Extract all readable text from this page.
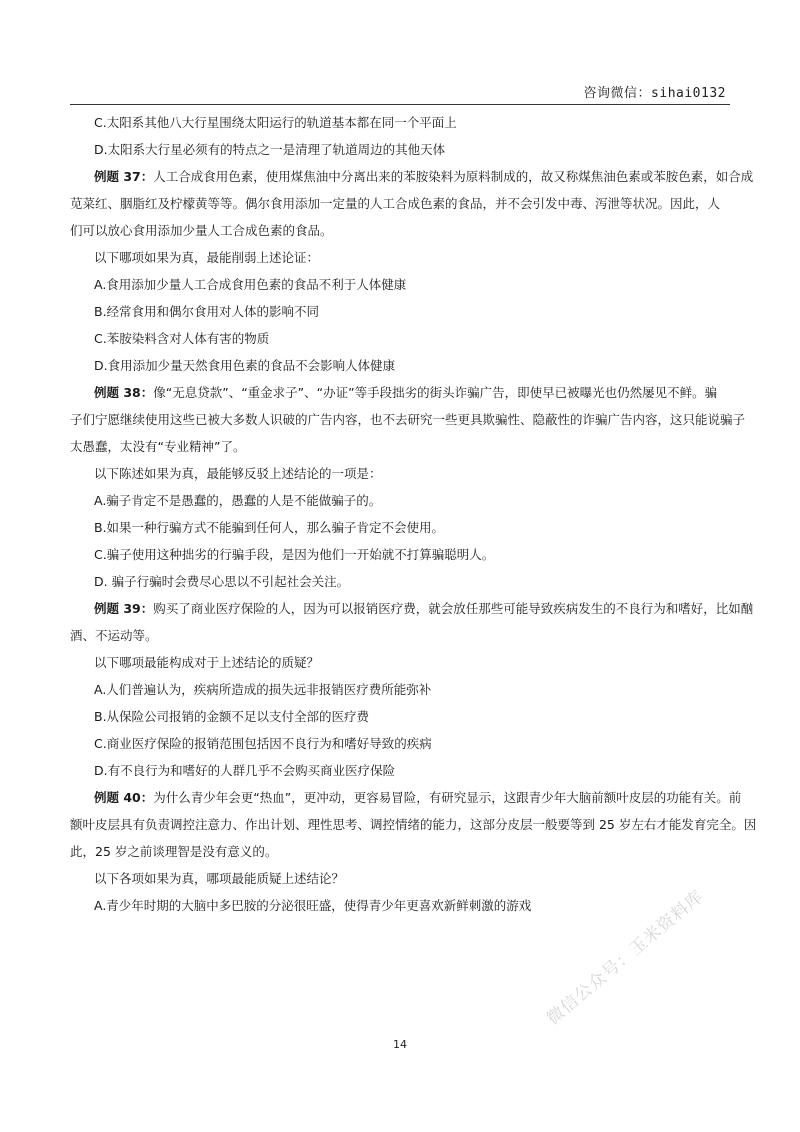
咨询微信：sihai0132
C.太阳系其他八大行星围绕太阳运行的轨道基本都在同一个平面上
D.太阳系大行星必须有的特点之一是清理了轨道周边的其他天体
例题 37：人工合成食用色素，使用煤焦油中分离出来的苯胺染料为原料制成的，故又称煤焦油色素或苯胺色素，如合成
苋菜红、胭脂红及柠檬黄等等。偶尔食用添加一定量的人工合成色素的食品，并不会引发中毒、泻泄等状况。因此，人
们可以放心食用添加少量人工合成色素的食品。
以下哪项如果为真，最能削弱上述论证：
A.食用添加少量人工合成食用色素的食品不利于人体健康
B.经常食用和偶尔食用对人体的影响不同
C.苯胺染料含对人体有害的物质
D.食用添加少量天然食用色素的食品不会影响人体健康
例题 38：像“无息贷款”、“重金求子”、“办证”等手段拙劣的街头诈骗广告，即使早已被曝光也仍然屡见不鲜。骗
子们宁愿继续使用这些已被大多数人识破的广告内容，也不去研究一些更具欺骗性、隐蔽性的诈骗广告内容，这只能说骗子
太愚蠢，太没有“专业精神”了。
以下陈述如果为真，最能够反驳上述结论的一项是：
A.骗子肯定不是愚蠢的，愚蠢的人是不能做骗子的。
B.如果一种行骗方式不能骗到任何人，那么骗子肯定不会使用。
C.骗子使用这种拙劣的行骗手段，是因为他们一开始就不打算骗聪明人。
D. 骗子行骗时会费尽心思以不引起社会关注。
例题 39：购买了商业医疗保险的人，因为可以报销医疗费，就会放任那些可能导致疾病发生的不良行为和嗜好，比如酗
酒、不运动等。
以下哪项最能构成对于上述结论的质疑？
A.人们普遍认为，疾病所造成的损失远非报销医疗费所能弥补
B.从保险公司报销的金额不足以支付全部的医疗费
C.商业医疗保险的报销范围包括因不良行为和嗜好导致的疾病
D.有不良行为和嗜好的人群几乎不会购买商业医疗保险
例题 40：为什么青少年会更“热血”，更冲动，更容易冒险，有研究显示，这跟青少年大脑前额叶皮层的功能有关。前
额叶皮层具有负责调控注意力、作出计划、理性思考、调控情绪的能力，这部分皮层一般要等到 25 岁左右才能发育完全。因
此，25 岁之前谈理智是没有意义的。
以下各项如果为真，哪项最能质疑上述结论？
A.青少年时期的大脑中多巴胺的分泌很旺盛，使得青少年更喜欢新鲜刺激的游戏
14
微信公众号：玉米资料库
